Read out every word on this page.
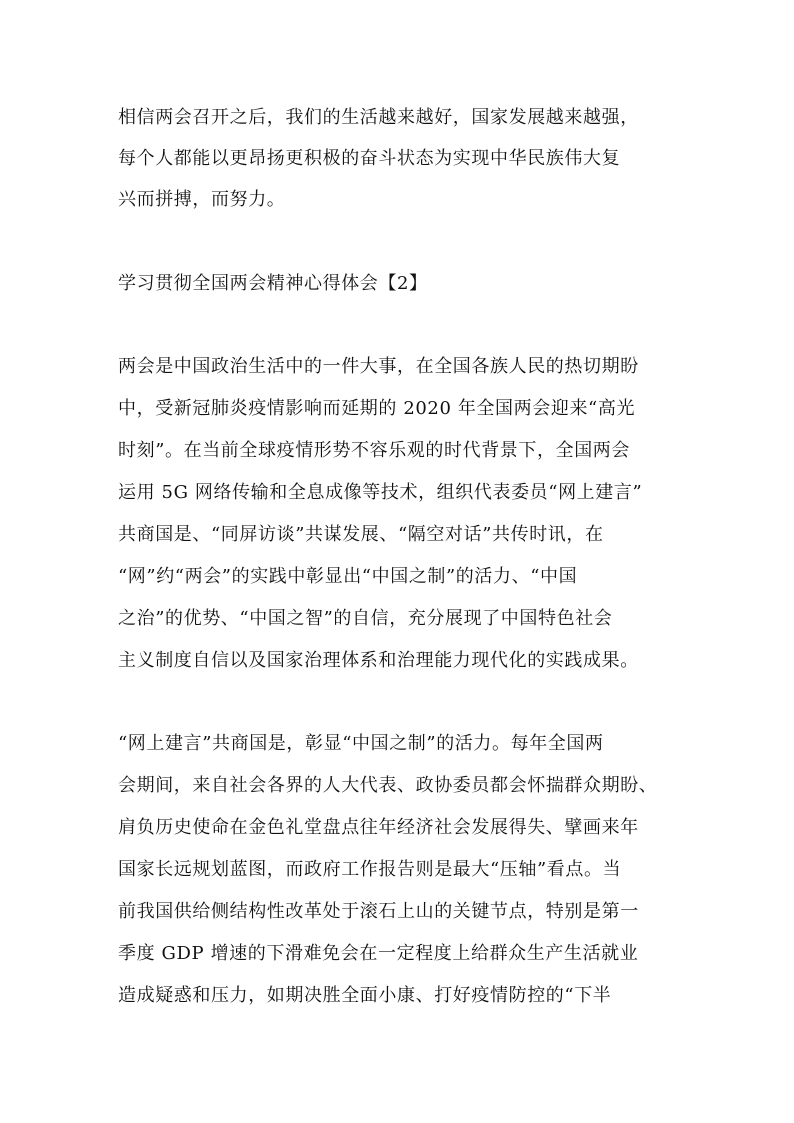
相信两会召开之后，我们的生活越来越好，国家发展越来越强，
每个人都能以更昂扬更积极的奋斗状态为实现中华民族伟大复
兴而拼搏，而努力。
学习贯彻全国两会精神心得体会【2】
两会是中国政治生活中的一件大事，在全国各族人民的热切期盼
中，受新冠肺炎疫情影响而延期的 2020 年全国两会迎来“高光
时刻”。在当前全球疫情形势不容乐观的时代背景下，全国两会
运用 5G 网络传输和全息成像等技术，组织代表委员“网上建言”
共商国是、“同屏访谈”共谋发展、“隔空对话”共传时讯，在
“网”约“两会”的实践中彰显出“中国之制”的活力、“中国
之治”的优势、“中国之智”的自信，充分展现了中国特色社会
主义制度自信以及国家治理体系和治理能力现代化的实践成果。
“网上建言”共商国是，彰显“中国之制”的活力。每年全国两
会期间，来自社会各界的人大代表、政协委员都会怀揣群众期盼、
肩负历史使命在金色礼堂盘点往年经济社会发展得失、擘画来年
国家长远规划蓝图，而政府工作报告则是最大“压轴”看点。当
前我国供给侧结构性改革处于滚石上山的关键节点，特别是第一
季度 GDP 增速的下滑难免会在一定程度上给群众生产生活就业
造成疑惑和压力，如期决胜全面小康、打好疫情防控的“下半
